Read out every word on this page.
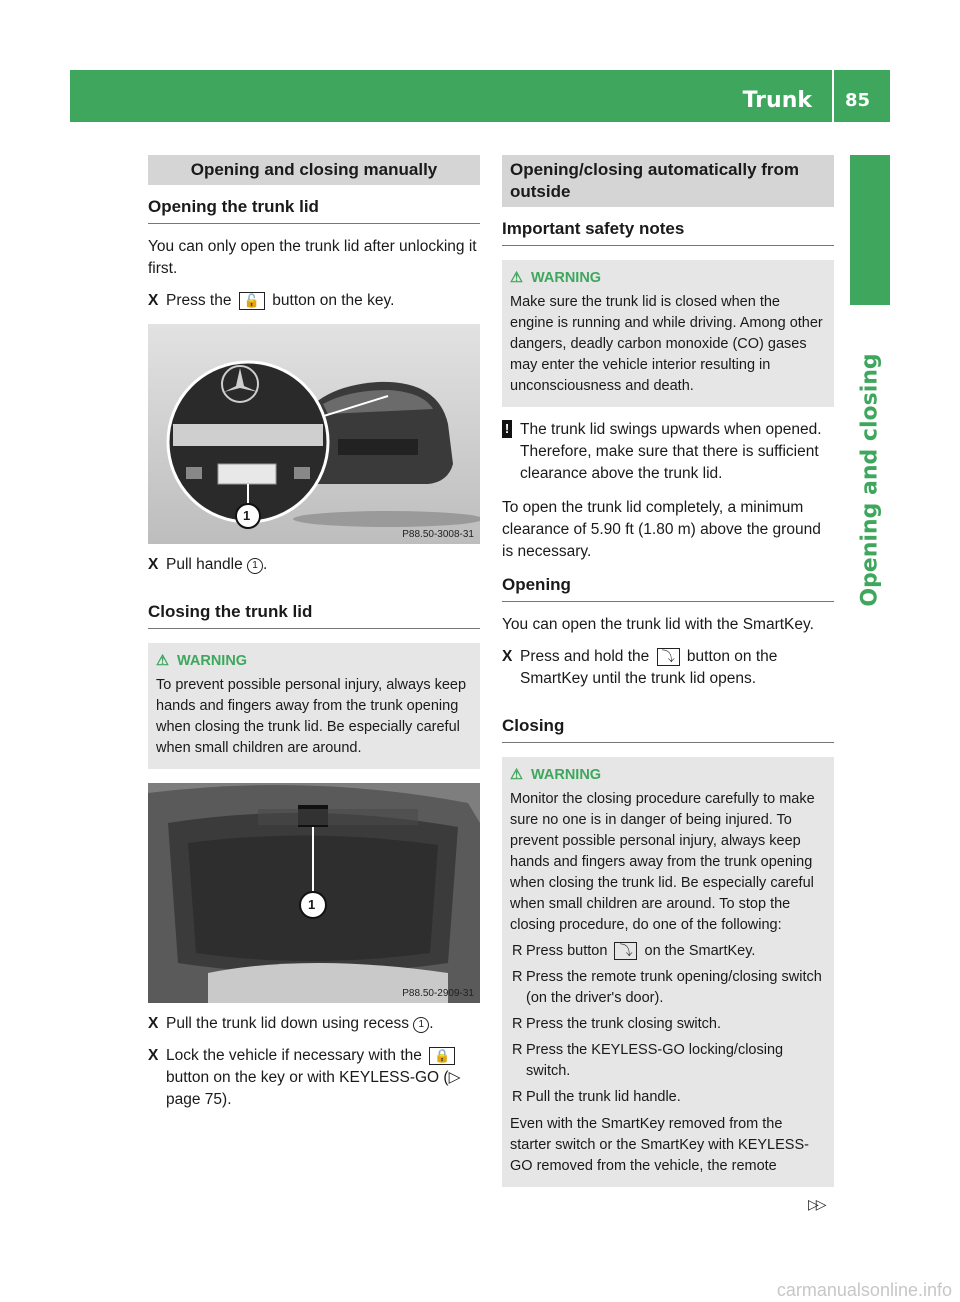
Trunk 85
Opening and closing
Opening and closing manually
Opening the trunk lid

You can only open the trunk lid after unlocking it first.

X Press the 🔓 button on the key.
1
P88.50-3008-31
X Pull handle 1 .
Closing the trunk lid
⚠ WARNING

To prevent possible personal injury, always keep hands and fingers away from the trunk opening when closing the trunk lid. Be especially careful when small children are around.

1
P88.50-2909-31
X Pull the trunk lid down using recess 1 .
X Lock the vehicle if necessary with the 🔒 button on the key or with KEYLESS-GO (▷ page 75).
Opening/closing automatically from outside
Important safety notes
⚠ WARNING

Make sure the trunk lid is closed when the engine is running and while driving. Among other dangers, deadly carbon monoxide (CO) gases may enter the vehicle interior resulting in unconsciousness and death.

! The trunk lid swings upwards when opened. Therefore, make sure that there is sufficient clearance above the trunk lid.

To open the trunk lid completely, a minimum clearance of 5.90 ft (1.80 m) above the ground is necessary.

Opening

You can open the trunk lid with the SmartKey.

X Press and hold the ⤵ button on the SmartKey until the trunk lid opens.
Closing
⚠ WARNING

Monitor the closing procedure carefully to make sure no one is in danger of being injured. To prevent possible personal injury, always keep hands and fingers away from the trunk opening when closing the trunk lid. Be especially careful when small children are around. To stop the closing procedure, do one of the following:

R Press button ⤵ on the SmartKey.
R Press the remote trunk opening/closing switch (on the driver's door).
R Press the trunk closing switch.
R Press the KEYLESS-GO locking/closing switch.
R Pull the trunk lid handle.

Even with the SmartKey removed from the starter switch or the SmartKey with KEYLESS-GO removed from the vehicle, the remote

▷▷
carmanualsonline.info
